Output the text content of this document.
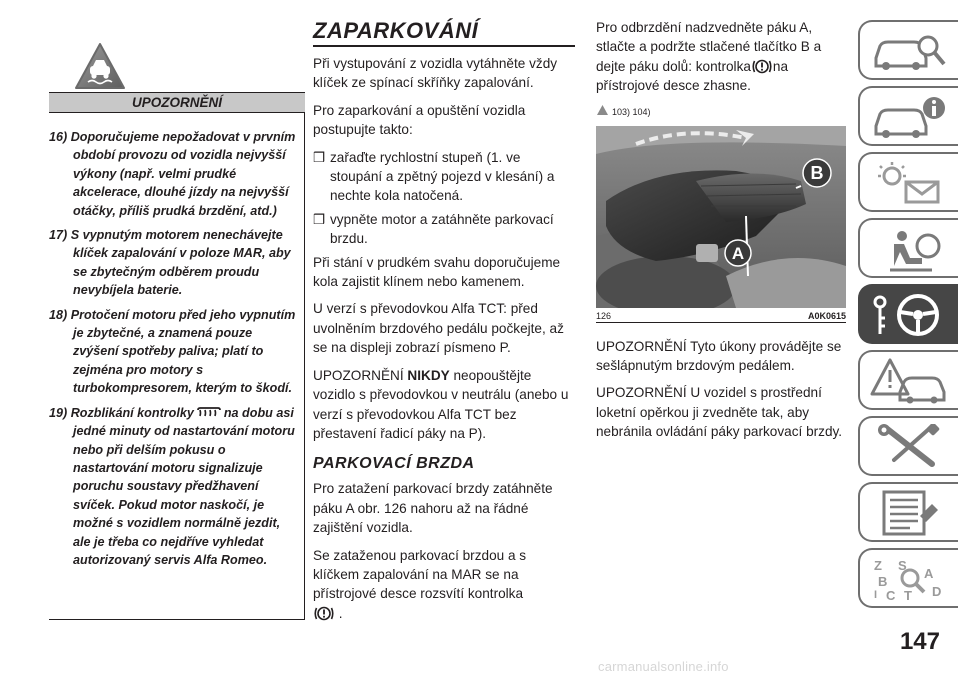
UPOZORNĚNÍ
16) Doporučujeme nepožadovat v prvním období provozu od vozidla nejvyšší výkony (např. velmi prudké akcelerace, dlouhé jízdy na nejvyšší otáčky, příliš prudká brzdění, atd.)
17) S vypnutým motorem nenechávejte klíček zapalování v poloze MAR, aby se zbytečným odběrem proudu nevybíjela baterie.
18) Protočení motoru před jeho vypnutím je zbytečné, a znamená pouze zvýšení spotřeby paliva; platí to zejména pro motory s turbokompresorem, kterým to škodí.
19) Rozblikání kontrolky na dobu asi jedné minuty od nastartování motoru nebo při delším pokusu o nastartování motoru signalizuje poruchu soustavy předžhavení svíček. Pokud motor naskočí, je možné s vozidlem normálně jezdit, ale je třeba co nejdříve vyhledat autorizovaný servis Alfa Romeo.
ZAPARKOVÁNÍ

Při vystupování z vozidla vytáhněte vždy klíček ze spínací skříňky zapalování.

Pro zaparkování a opuštění vozidla postupujte takto:

❒ zařaďte rychlostní stupeň (1. ve stoupání a zpětný pojezd v klesání) a nechte kola natočená.

❒ vypněte motor a zatáhněte parkovací brzdu.

Při stání v prudkém svahu doporučujeme kola zajistit klínem nebo kamenem.

U verzí s převodovkou Alfa TCT: před uvolněním brzdového pedálu počkejte, až se na displeji zobrazí písmeno P.

UPOZORNĚNÍ NIKDY neopouštějte vozidlo s převodovkou v neutrálu (anebo u verzí s převodovkou Alfa TCT bez přestavení řadicí páky na P).

PARKOVACÍ BRZDA

Pro zatažení parkovací brzdy zatáhněte páku A obr. 126 nahoru až na řádné zajištění vozidla.

Se zataženou parkovací brzdou a s klíčkem zapalování na MAR se na přístrojové desce rozsvítí kontrolka
.

Pro odbrzdění nadzvedněte páku A, stlačte a podržte stlačené tlačítko B a dejte páku dolů: kontrolka na přístrojové desce zhasne.

103) 104)

A
B
126	A0K0615

UPOZORNĚNÍ Tyto úkony provádějte se sešlápnutým brzdovým pedálem.

UPOZORNĚNÍ U vozidel s prostřední loketní opěrkou ji zvedněte tak, aby nebránila ovládání páky parkovací brzdy.

Z S
A
B
C	D
T
I
147
carmanualsonline.info
